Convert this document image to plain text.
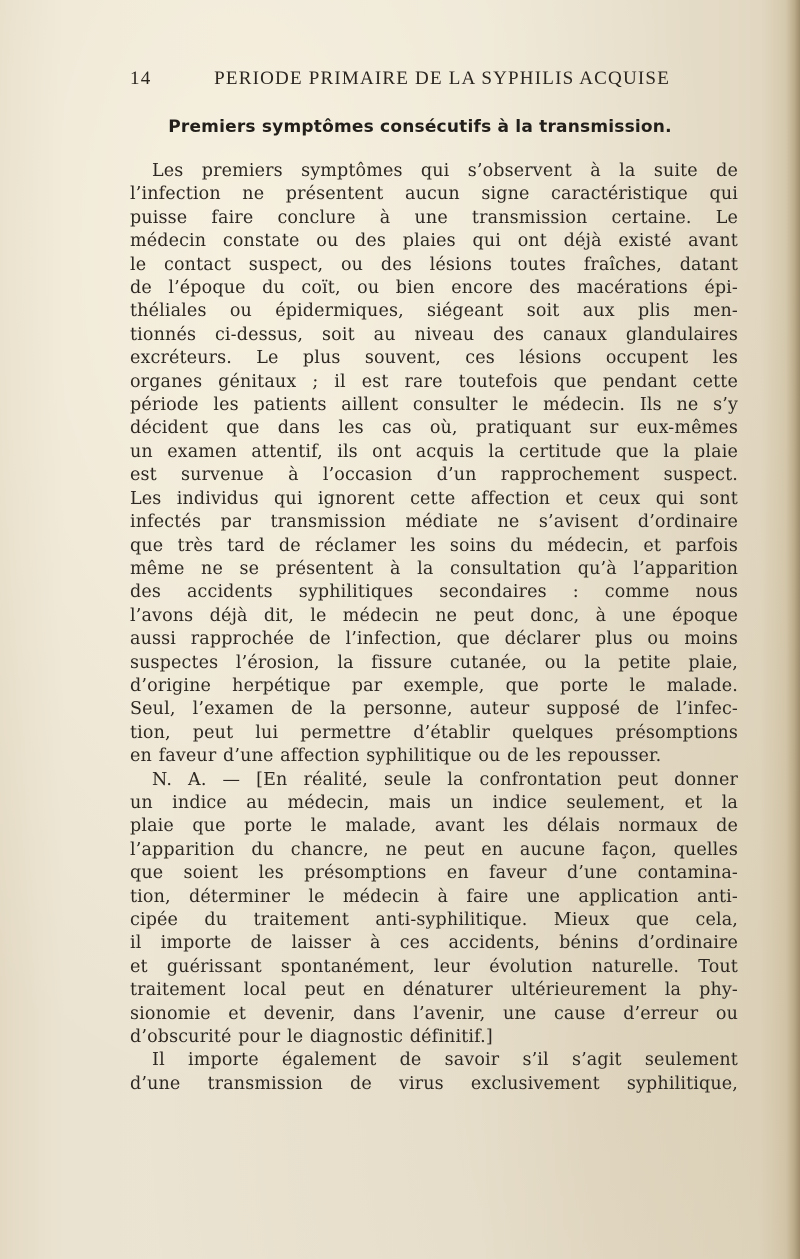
14	PERIODE PRIMAIRE DE LA SYPHILIS ACQUISE
Premiers symptômes consécutifs à la transmission.
Les premiers symptômes qui s’observent à la suite de
l’infection ne présentent aucun signe caractéristique qui
puisse faire conclure à une transmission certaine. Le
médecin constate ou des plaies qui ont déjà existé avant
le contact suspect, ou des lésions toutes fraîches, datant
de l’époque du coït, ou bien encore des macérations épi-
théliales ou épidermiques, siégeant soit aux plis men-
tionnés ci-dessus, soit au niveau des canaux glandulaires
excréteurs. Le plus souvent, ces lésions occupent les
organes génitaux ; il est rare toutefois que pendant cette
période les patients aillent consulter le médecin. Ils ne s’y
décident que dans les cas où, pratiquant sur eux-mêmes
un examen attentif, ils ont acquis la certitude que la plaie
est survenue à l’occasion d’un rapprochement suspect.
Les individus qui ignorent cette affection et ceux qui sont
infectés par transmission médiate ne s’avisent d’ordinaire
que très tard de réclamer les soins du médecin, et parfois
même ne se présentent à la consultation qu’à l’apparition
des accidents syphilitiques secondaires : comme nous
l’avons déjà dit, le médecin ne peut donc, à une époque
aussi rapprochée de l’infection, que déclarer plus ou moins
suspectes l’érosion, la fissure cutanée, ou la petite plaie,
d’origine herpétique par exemple, que porte le malade.
Seul, l’examen de la personne, auteur supposé de l’infec-
tion, peut lui permettre d’établir quelques présomptions
en faveur d’une affection syphilitique ou de les repousser.
N. A. — [En réalité, seule la confrontation peut donner
un indice au médecin, mais un indice seulement, et la
plaie que porte le malade, avant les délais normaux de
l’apparition du chancre, ne peut en aucune façon, quelles
que soient les présomptions en faveur d’une contamina-
tion, déterminer le médecin à faire une application anti-
cipée du traitement anti-syphilitique. Mieux que cela,
il importe de laisser à ces accidents, bénins d’ordinaire
et guérissant spontanément, leur évolution naturelle. Tout
traitement local peut en dénaturer ultérieurement la phy-
sionomie et devenir, dans l’avenir, une cause d’erreur ou
d’obscurité pour le diagnostic définitif.]
Il importe également de savoir s’il s’agit seulement
d’une transmission de virus exclusivement syphilitique,
